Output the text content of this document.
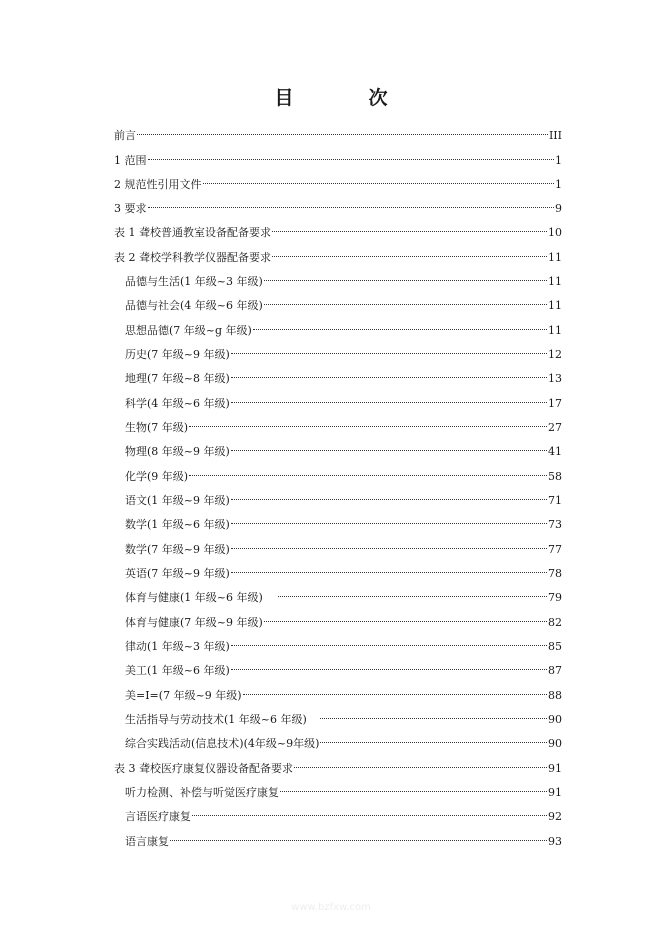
目　次
前言	III
1 范围	1
2 规范性引用文件	1
3 要求	9
表 1 聋校普通教室设备配备要求	10
表 2 聋校学科教学仪器配备要求	11
品德与生活(1 年级~3 年级)	11
品德与社会(4 年级~6 年级)	11
思想品德(7 年级~g 年级)	11
历史(7 年级~9 年级)	12
地理(7 年级~8 年级)	13
科学(4 年级~6 年级)	17
生物(7 年级)	27
物理(8 年级~9 年级)	41
化学(9 年级)	58
语文(1 年级~9 年级)	71
数学(1 年级~6 年级)	73
数学(7 年级~9 年级)	77
英语(7 年级~9 年级)	78
体育与健康(1 年级~6 年级)	79
体育与健康(7 年级~9 年级)	82
律动(1 年级~3 年级)	85
美工(1 年级~6 年级)	87
美=I=(7 年级~9 年级)	88
生活指导与劳动技术(1 年级~6 年级)	90
综合实践活动(信息技术)(4年级~9年级)	90
表 3 聋校医疗康复仪器设备配备要求	91
听力检测、补偿与听觉医疗康复	91
言语医疗康复	92
语言康复	93
www.bzfxw.com
